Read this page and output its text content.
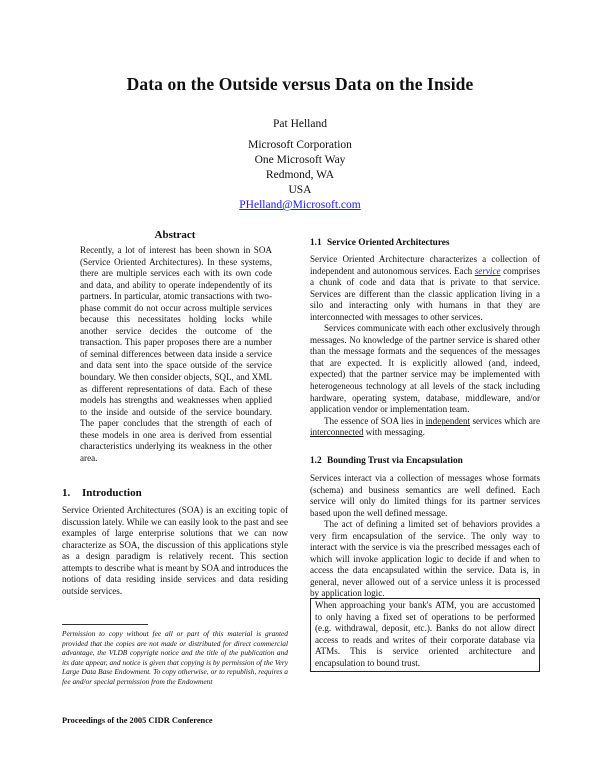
Data on the Outside versus Data on the Inside
Pat Helland
Microsoft Corporation
One Microsoft Way
Redmond, WA
USA
PHelland@Microsoft.com
Abstract
Recently, a lot of interest has been shown in SOA (Service Oriented Architectures). In these systems, there are multiple services each with its own code and data, and ability to operate independently of its partners. In particular, atomic transactions with two-phase commit do not occur across multiple services because this necessitates holding locks while another service decides the outcome of the transaction. This paper proposes there are a number of seminal differences between data inside a service and data sent into the space outside of the service boundary. We then consider objects, SQL, and XML as different representations of data. Each of these models has strengths and weaknesses when applied to the inside and outside of the service boundary. The paper concludes that the strength of each of these models in one area is derived from essential characteristics underlying its weakness in the other area.
1. Introduction
Service Oriented Architectures (SOA) is an exciting topic of discussion lately. While we can easily look to the past and see examples of large enterprise solutions that we can now characterize as SOA, the discussion of this applications style as a design paradigm is relatively recent. This section attempts to describe what is meant by SOA and introduces the notions of data residing inside services and data residing outside services.
Permission to copy without fee all or part of this material is granted provided that the copies are not made or distributed for direct commercial advantage, the VLDB copyright notice and the title of the publication and its date appear, and notice is given that copying is by permission of the Very Large Data Base Endowment. To copy otherwise, or to republish, requires a fee and/or special permission from the Endowment
Proceedings of the 2005 CIDR Conference
1.1 Service Oriented Architectures

Service Oriented Architecture characterizes a collection of independent and autonomous services. Each service comprises a chunk of code and data that is private to that service. Services are different than the classic application living in a silo and interacting only with humans in that they are interconnected with messages to other services.

Services communicate with each other exclusively through messages. No knowledge of the partner service is shared other than the message formats and the sequences of the messages that are expected. It is explicitly allowed (and, indeed, expected) that the partner service may be implemented with heterogeneous technology at all levels of the stack including hardware, operating system, database, middleware, and/or application vendor or implementation team.

The essence of SOA lies in independent services which are interconnected with messaging.

1.2 Bounding Trust via Encapsulation

Services interact via a collection of messages whose formats (schema) and business semantics are well defined. Each service will only do limited things for its partner services based upon the well defined message.

The act of defining a limited set of behaviors provides a very firm encapsulation of the service. The only way to interact with the service is via the prescribed messages each of which will invoke application logic to decide if and when to access the data encapsulated within the service. Data is, in general, never allowed out of a service unless it is processed by application logic.

When approaching your bank's ATM, you are accustomed to only having a fixed set of operations to be performed (e.g. withdrawal, deposit, etc.). Banks do not allow direct access to reads and writes of their corporate database via ATMs. This is service oriented architecture and encapsulation to bound trust.
